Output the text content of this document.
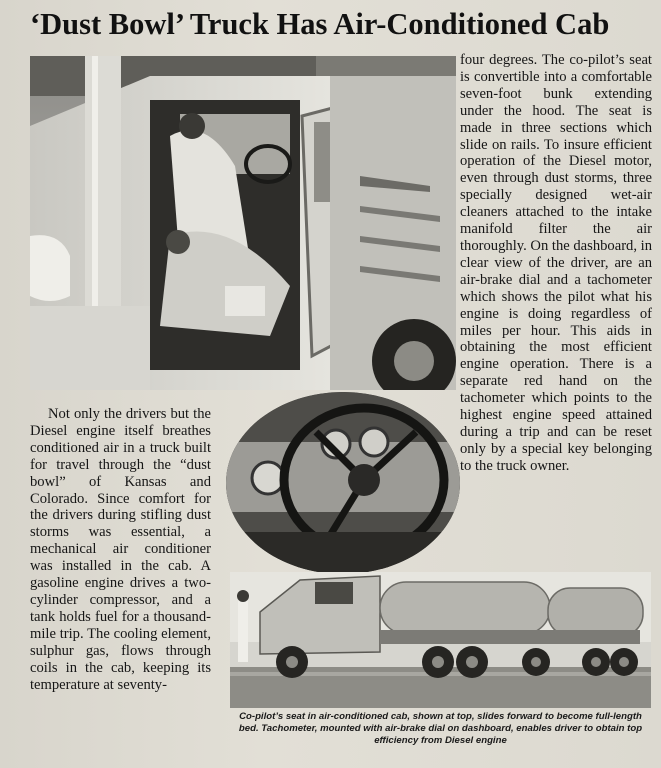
‘Dust Bowl’ Truck Has Air-Conditioned Cab

four degrees. The co-pilot’s seat is convertible into a comfortable seven-foot bunk extending under the hood. The seat is made in three sections which slide on rails. To insure efficient operation of the Diesel motor, even through dust storms, three specially designed wet-air cleaners attached to the intake manifold filter the air thoroughly. On the dashboard, in clear view of the driver, are an air-brake dial and a tachometer which shows the pilot what his engine is doing regardless of miles per hour. This aids in obtaining the most efficient engine operation. There is a separate red hand on the tachometer which points to the highest engine speed attained during a trip and can be reset only by a special key belonging to the truck owner.

Not only the drivers but the Diesel engine itself breathes conditioned air in a truck built for travel through the “dust bowl” of Kansas and Colorado. Since comfort for the drivers during stifling dust storms was essential, a mechanical air conditioner was installed in the cab. A gasoline engine drives a two-cylinder compressor, and a tank holds fuel for a thousand-mile trip. The cooling element, sulphur gas, flows through coils in the cab, keeping its temperature at seventy-

Co-pilot’s seat in air-conditioned cab, shown at top, slides forward to become full-length bed. Tachometer, mounted with air-brake dial on dashboard, enables driver to obtain top efficiency from Diesel engine
